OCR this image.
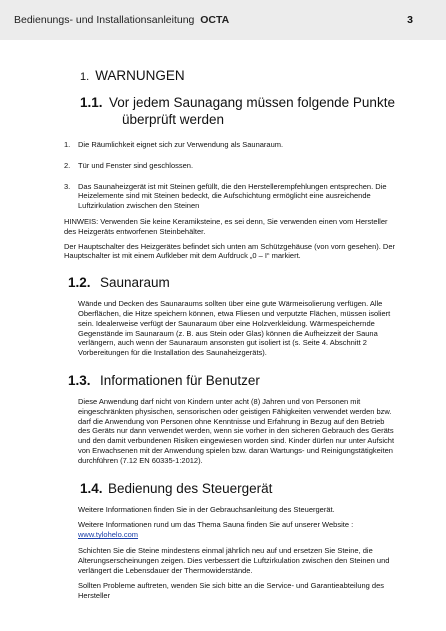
Bedienungs- und Installationsanleitung OCTA	3
1. WARNUNGEN
1.1. Vor jedem Saunagang müssen folgende Punkte
überprüft werden
1. Die Räumlichkeit eignet sich zur Verwendung als Saunaraum.
2. Tür und Fenster sind geschlossen.
3. Das Saunaheizgerät ist mit Steinen gefüllt, die den Herstellerempfehlungen entsprechen. Die Heizelemente sind mit Steinen bedeckt, die Aufschichtung ermöglicht eine ausreichende Luftzirkulation zwischen den Steinen

HINWEIS: Verwenden Sie keine Keramiksteine, es sei denn, Sie verwenden einen vom Hersteller des Heizgeräts entworfenen Steinbehälter.

Der Hauptschalter des Heizgerätes befindet sich unten am Schützgehäuse (von vorn gesehen). Der Hauptschalter ist mit einem Aufkleber mit dem Aufdruck „0 – I“ markiert.

1.2. Saunaraum

Wände und Decken des Saunaraums sollten über eine gute Wärmeisolierung verfügen. Alle Oberflächen, die Hitze speichern können, etwa Fliesen und verputzte Flächen, müssen isoliert sein. Idealerweise verfügt der Saunaraum über eine Holzverkleidung. Wärmespeichernde Gegenstände im Saunaraum (z. B. aus Stein oder Glas) können die Aufheizzeit der Sauna verlängern, auch wenn der Saunaraum ansonsten gut isoliert ist (s. Seite 4. Abschnitt 2 Vorbereitungen für die Installation des Saunaheizgeräts).

1.3. Informationen für Benutzer

Diese Anwendung darf nicht von Kindern unter acht (8) Jahren und von Personen mit eingeschränkten physischen, sensorischen oder geistigen Fähigkeiten verwendet werden bzw. darf die Anwendung von Personen ohne Kenntnisse und Erfahrung in Bezug auf den Betrieb des Geräts nur dann verwendet werden, wenn sie vorher in den sicheren Gebrauch des Geräts und den damit verbundenen Risiken eingewiesen worden sind. Kinder dürfen nur unter Aufsicht von Erwachsenen mit der Anwendung spielen bzw. daran Wartungs- und Reinigungstätigkeiten durchführen (7.12 EN 60335-1:2012).

1.4. Bedienung des Steuergerät

Weitere Informationen finden Sie in der Gebrauchsanleitung des Steuergerät.

Weitere Informationen rund um das Thema Sauna finden Sie auf unserer Website :

www.tylohelo.com

Schichten Sie die Steine mindestens einmal jährlich neu auf und ersetzen Sie Steine, die Alterungserscheinungen zeigen. Dies verbessert die Luftzirkulation zwischen den Steinen und verlängert die Lebensdauer der Thermowiderstände.

Sollten Probleme auftreten, wenden Sie sich bitte an die Service- und Garantieabteilung des Hersteller
